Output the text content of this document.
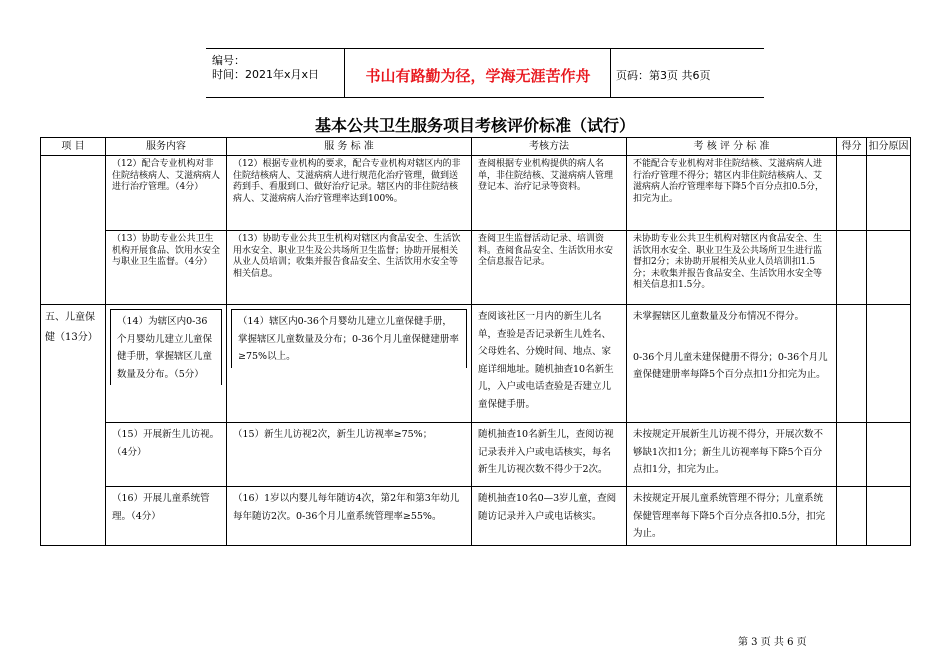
编号：
时间：2021年x月x日	书山有路勤为径，学海无涯苦作舟	页码：第3页 共6页
基本公共卫生服务项目考核评价标准（试行）
项 目	服务内容	服 务 标 准	考核方法	考 核 评 分 标 准	得分	扣分原因

	（12）配合专业机构对非住院结核病人、艾滋病病人进行治疗管理。（4分）	（12）根据专业机构的要求，配合专业机构对辖区内的非住院结核病人、艾滋病病人进行规范化治疗管理，做到送药到手、看服到口、做好治疗记录。辖区内的非住院结核病人、艾滋病病人治疗管理率达到100%。	查阅根据专业机构提供的病人名单，非住院结核、艾滋病病人管理登记本、治疗记录等资料。	不能配合专业机构对非住院结核、艾滋病病人进行治疗管理不得分；辖区内非住院结核病人、艾滋病病人治疗管理率每下降5个百分点扣0.5分，扣完为止。		

	（13）协助专业公共卫生机构开展食品、饮用水安全与职业卫生监督。（4分）	（13）协助专业公共卫生机构对辖区内食品安全、生活饮用水安全、职业卫生及公共场所卫生监督；协助开展相关从业人员培训；收集并报告食品安全、生活饮用水安全等相关信息。	查阅卫生监督活动记录、培训资料。查阅食品安全、生活饮用水安全信息报告记录。	未协助专业公共卫生机构对辖区内食品安全、生活饮用水安全、职业卫生及公共场所卫生进行监督扣2分；未协助开展相关从业人员培训扣1.5分；未收集并报告食品安全、生活饮用水安全等相关信息扣1.5分。		

五、儿童保健（13分）	（14）为辖区内0-36个月婴幼儿建立儿童保健手册，掌握辖区儿童数量及分布。（5分）	（14）辖区内0-36个月婴幼儿建立儿童保健手册，掌握辖区儿童数量及分布；0-36个月儿童保健建册率≥75%以上。	查阅该社区一月内的新生儿名单，查验是否记录新生儿姓名、父母姓名、分娩时间、地点、家庭详细地址。随机抽查10名新生儿，入户或电话查验是否建立儿童保健手册。	未掌握辖区儿童数量及分布情况不得分。
0-36个月儿童未建保健册不得分；0-36个月儿童保健建册率每降5个百分点扣1分扣完为止。		

	（15）开展新生儿访视。（4分）	（15）新生儿访视2次，新生儿访视率≥75%；	随机抽查10名新生儿，查阅访视记录表并入户或电话核实，每名新生儿访视次数不得少于2次。	未按规定开展新生儿访视不得分，开展次数不够缺1次扣1分；新生儿访视率每下降5个百分点扣1分，扣完为止。		

	（16）开展儿童系统管理。（4分）	（16）1岁以内婴儿每年随访4次，第2年和第3年幼儿每年随访2次。0-36个月儿童系统管理率≥55%。	随机抽查10名0—3岁儿童，查阅随访记录并入户或电话核实。	未按规定开展儿童系统管理不得分；儿童系统保健管理率每下降5个百分点各扣0.5分，扣完为止。		

第 3 页 共 6 页
